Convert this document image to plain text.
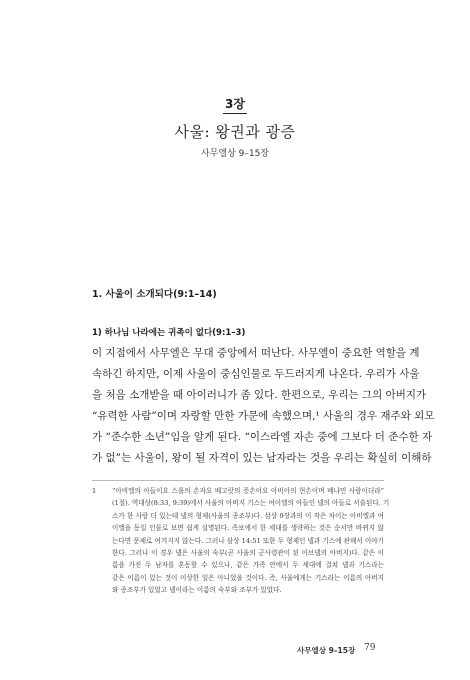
3장
사울: 왕권과 광증
사무엘상 9–15장
1. 사울이 소개되다(9:1–14)
1) 하나님 나라에는 귀족이 없다(9:1–3)
이 지점에서 사무엘은 무대 중앙에서 떠난다. 사무엘이 중요한 역할을 계
속하긴 하지만, 이제 사울이 중심인물로 두드러지게 나온다. 우리가 사울
을 처음 소개받을 때 아이러니가 좀 있다. 한편으로, 우리는 그의 아버지가
“유력한 사람”이며 자랑할 만한 가문에 속했으며,¹ 사울의 경우 재주와 외모
가 “준수한 소년”임을 알게 된다. “이스라엘 자손 중에 그보다 더 준수한 자
가 없”는 사울이, 왕이 될 자격이 있는 남자라는 것을 우리는 확실히 이해하
1 “아비엘의 아들이요 스롤의 손자요 베고랏의 증손이요 아비아의 현손이며 베냐민 사람이더라”
(1절). 역대상(8:33, 9:39)에서 사울의 아버지 기스는 여이엘의 아들인 넬의 아들로 서술된다. 기
스가 한 사람 더 있는데 넬의 형제(사울의 종조부)다. 삼상 9장과의 이 작은 차이는 아비엘과 여
이엘을 동일 인물로 보면 쉽게 설명된다. 족보에서 한 세대를 생략하는 것은 순서만 바뀌지 않
는다면 문제로 여겨지지 않는다. 그러나 삼상 14:51 또한 두 형제인 넬과 기스에 관해서 이야기
한다. 그러나 이 경우 넬은 사울의 숙부(곧 사울의 군사령관이 된 아브넬의 아버지)다. 같은 이
름을 가진 두 남자를 혼동할 수 있으나, 같은 가족 안에서 두 세대에 걸쳐 넬과 기스라는
같은 이름이 있는 것이 이상한 일은 아니었을 것이다. 즉, 사울에게는 기스라는 이름의 아버지
와 종조부가 있었고 넬이라는 이름의 숙부와 조부가 있었다.
사무엘상 9–15장 79
